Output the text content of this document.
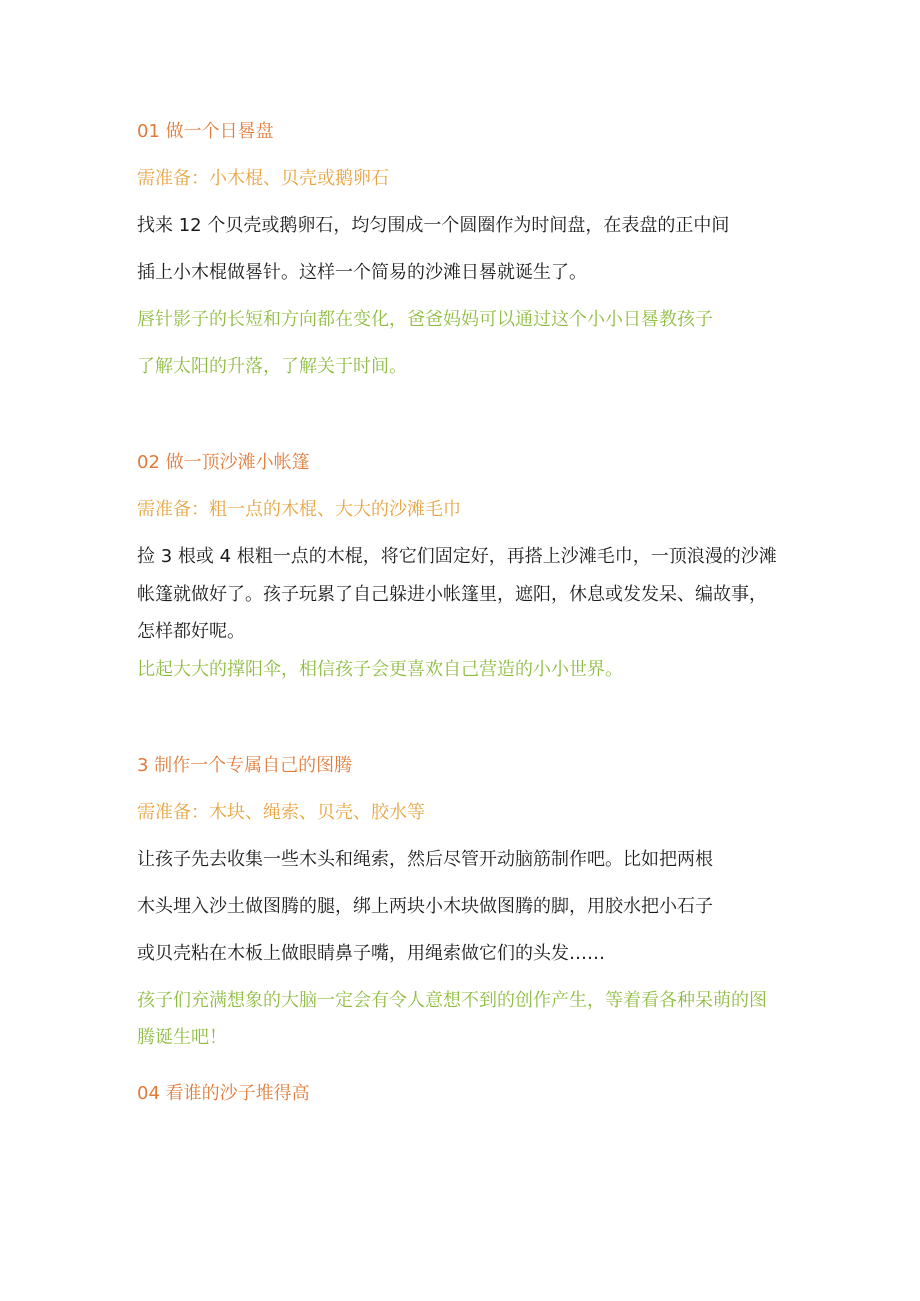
01 做一个日晷盘
需准备：小木棍、贝壳或鹅卵石
找来 12 个贝壳或鹅卵石，均匀围成一个圆圈作为时间盘，在表盘的正中间
插上小木棍做晷针。这样一个简易的沙滩日晷就诞生了。
唇针影子的长短和方向都在变化，爸爸妈妈可以通过这个小小日晷教孩子
了解太阳的升落，了解关于时间。
02 做一顶沙滩小帐篷
需准备：粗一点的木棍、大大的沙滩毛巾
捡 3 根或 4 根粗一点的木棍，将它们固定好，再搭上沙滩毛巾，一顶浪漫的沙滩
帐篷就做好了。孩子玩累了自己躲进小帐篷里，遮阳，休息或发发呆、编故事，
怎样都好呢。
比起大大的撑阳伞，相信孩子会更喜欢自己营造的小小世界。
3 制作一个专属自己的图腾
需准备：木块、绳索、贝壳、胶水等
让孩子先去收集一些木头和绳索，然后尽管开动脑筋制作吧。比如把两根
木头埋入沙土做图腾的腿，绑上两块小木块做图腾的脚，用胶水把小石子
或贝壳粘在木板上做眼睛鼻子嘴，用绳索做它们的头发……
孩子们充满想象的大脑一定会有令人意想不到的创作产生，等着看各种呆萌的图
腾诞生吧！
04 看谁的沙子堆得高
